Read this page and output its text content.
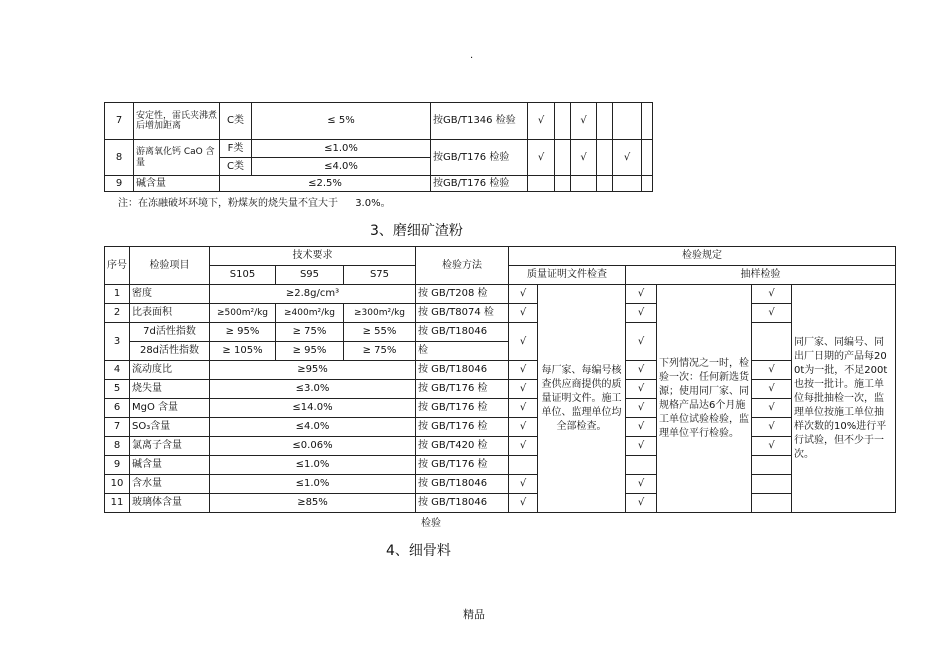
.
7	安定性，雷氏夹沸煮后增加距离	C类	≤ 5%	按GB/T1346 检验	√		√			
8	游离氧化钙 CaO 含量	F类	≤1.0%	按GB/T176 检验	√		√		√	
		C类	≤4.0%							
9	碱含量	≤2.5%		按GB/T176 检验						
注：在冻融破坏环境下，粉煤灰的烧失量不宜大于 3.0%。
3、磨细矿渣粉
序号	检验项目	技术要求			检验方法	检验规定					
		S105	S95	S75		质量证明文件检查		抽样检验			
1	密度	≥2.8g/cm³			按 GB/T208 检	√	每厂家、每编号核查供应商提供的质量证明文件。施工单位、监理单位均全部检查。	√	下列情况之一时，检验一次：任何新选货源；使用同厂家、同规格产品达6个月施工单位试验检验，监理单位平行检验。	√	同厂家、同编号、同出厂日期的产品每200t为一批，不足200t也按一批计。施工单位每批抽检一次，监理单位按施工单位抽样次数的10%进行平行试验，但不少于一次。
2	比表面积	≥500m²/kg	≥400m²/kg	≥300m²/kg	按 GB/T8074 检	√		√		√	
3	7d活性指数	≥ 95%	≥ 75%	≥ 55%	按 GB/T18046	√		√			
	28d活性指数	≥ 105%	≥ 95%	≥ 75%	检						
4	流动度比	≥95%			按 GB/T18046	√		√		√	
5	烧失量	≤3.0%			按 GB/T176 检	√		√		√	
6	MgO 含量	≤14.0%			按 GB/T176 检	√		√		√	
7	SO₃含量	≤4.0%			按 GB/T176 检	√		√		√	
8	氯离子含量	≤0.06%			按 GB/T420 检	√		√		√	
9	碱含量	≤1.0%			按 GB/T176 检						
10	含水量	≤1.0%			按 GB/T18046	√		√			
11	玻璃体含量	≥85%			按 GB/T18046	√		√			
检验
4、细骨料
精品
